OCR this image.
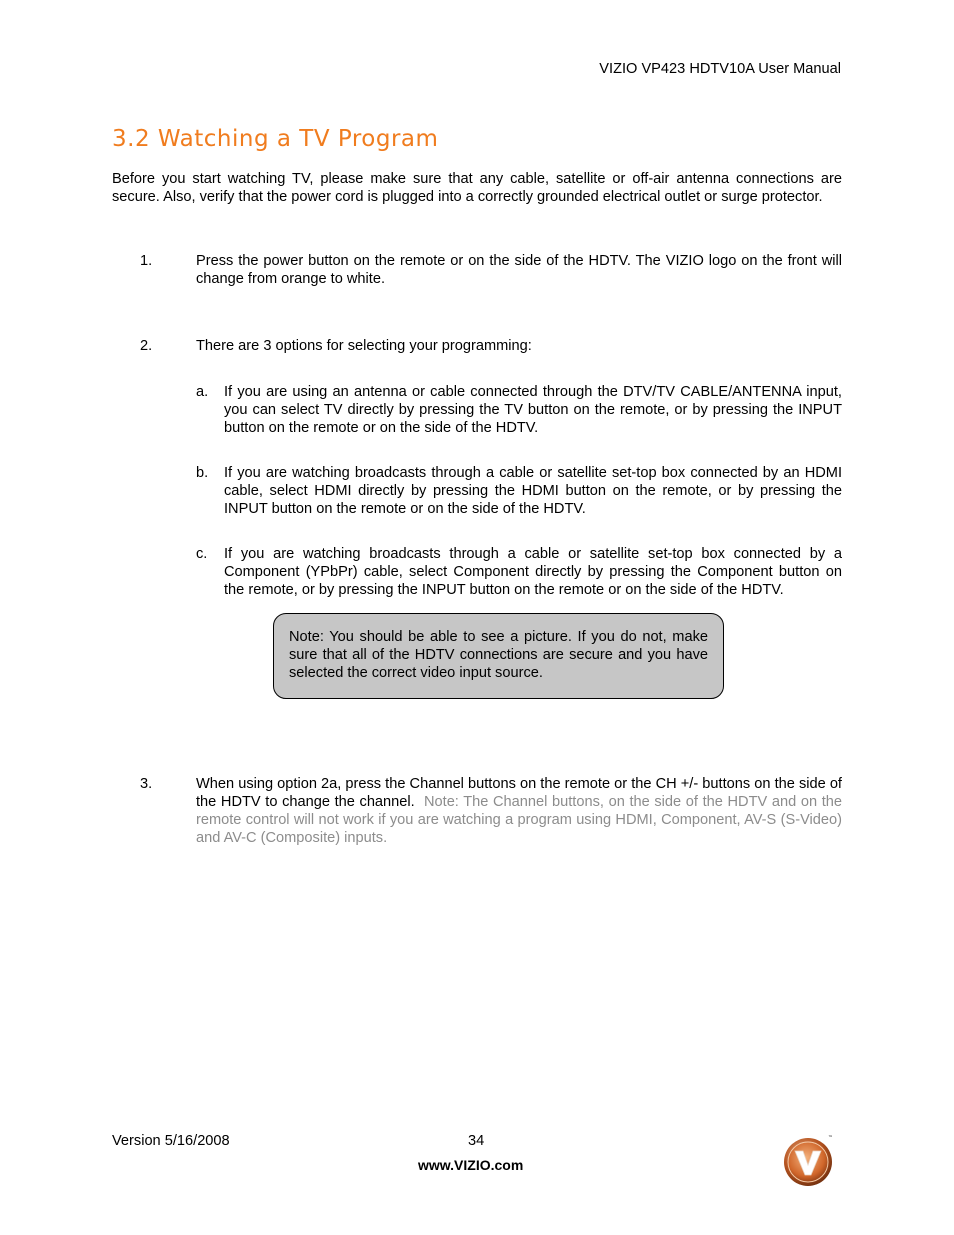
VIZIO VP423 HDTV10A User Manual
3.2 Watching a TV Program
Before you start watching TV, please make sure that any cable, satellite or off-air antenna connections are secure. Also, verify that the power cord is plugged into a correctly grounded electrical outlet or surge protector.
1.	Press the power button on the remote or on the side of the HDTV. The VIZIO logo on the front will change from orange to white.
2.	There are 3 options for selecting your programming:
a. If you are using an antenna or cable connected through the DTV/TV CABLE/ANTENNA input, you can select TV directly by pressing the TV button on the remote, or by pressing the INPUT button on the remote or on the side of the HDTV.
b. If you are watching broadcasts through a cable or satellite set-top box connected by an HDMI cable, select HDMI directly by pressing the HDMI button on the remote, or by pressing the INPUT button on the remote or on the side of the HDTV.
c. If you are watching broadcasts through a cable or satellite set-top box connected by a Component (YPbPr) cable, select Component directly by pressing the Component button on the remote, or by pressing the INPUT button on the remote or on the side of the HDTV.
Note: You should be able to see a picture. If you do not, make sure that all of the HDTV connections are secure and you have selected the correct video input source.
3.	When using option 2a, press the Channel buttons on the remote or the CH +/- buttons on the side of the HDTV to change the channel. Note: The Channel buttons, on the side of the HDTV and on the remote control will not work if you are watching a program using HDMI, Component, AV-S (S-Video) and AV-C (Composite) inputs.
Version 5/16/2008	34
www.VIZIO.com
™
